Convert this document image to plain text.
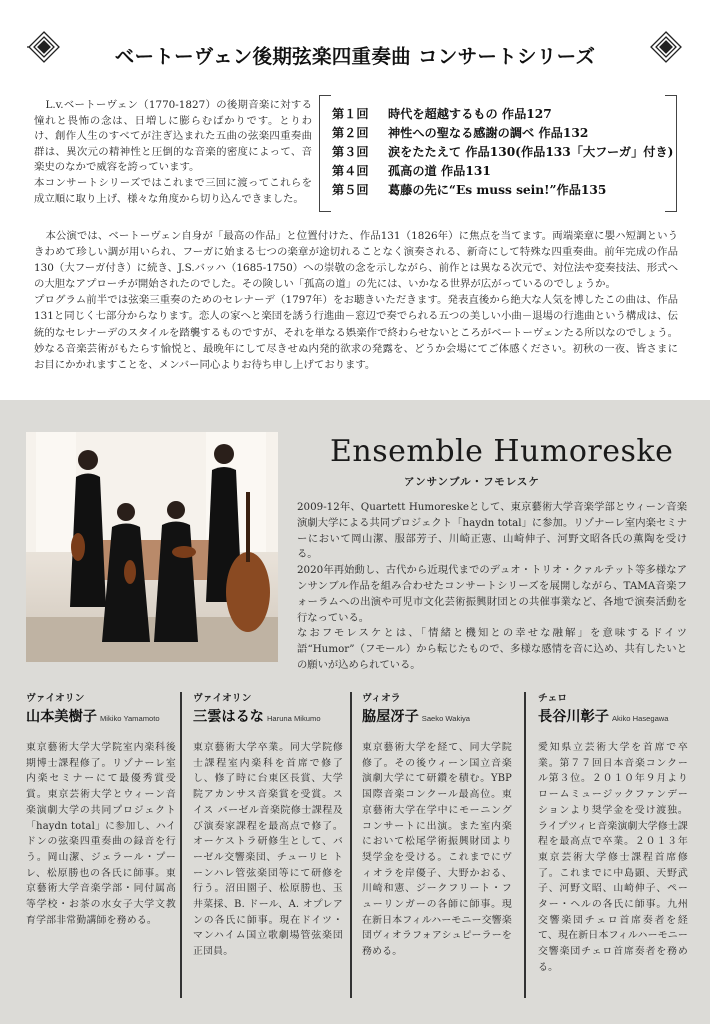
ベートーヴェン後期弦楽四重奏曲 コンサートシリーズ

L.v.ベートーヴェン（1770-1827）の後期音楽に対する憧れと畏怖の念は、日増しに膨らむばかりです。とりわけ、創作人生のすべてが注ぎ込まれた五曲の弦楽四重奏曲群は、異次元の精神性と圧倒的な音楽的密度によって、音楽史のなかで威容を誇っています。

本コンサートシリーズではこれまで三回に渡ってこれらを成立順に取り上げ、様々な角度から切り込んできました。

第１回 時代を超越するもの 作品127
第２回 神性への聖なる感謝の調べ 作品132
第３回 涙をたたえて 作品130(作品133「大フーガ」付き)
第４回 孤高の道 作品131
第５回 葛藤の先に“Es muss sein!”作品135

本公演では、ベートーヴェン自身が「最高の作品」と位置付けた、作品131（1826年）に焦点を当てます。両端楽章に嬰ハ短調というきわめて珍しい調が用いられ、フーガに始まる七つの楽章が途切れることなく演奏される、新奇にして特殊な四重奏曲。前年完成の作品130（大フーガ付き）に続き、J.S.バッハ（1685-1750）への崇敬の念を示しながら、前作とは異なる次元で、対位法や変奏技法、形式への大胆なアプローチが開始されたのでした。その険しい「孤高の道」の先には、いかなる世界が広がっているのでしょうか。

プログラム前半では弦楽三重奏のためのセレナーデ（1797年）をお聴きいただきます。発表直後から絶大な人気を博したこの曲は、作品131と同じく七部分からなります。恋人の家へと楽団を誘う行進曲－窓辺で奏でられる五つの美しい小曲－退場の行進曲という構成は、伝統的なセレナーデのスタイルを踏襲するものですが、それを単なる娯楽作で終わらせないところがベートーヴェンたる所以なのでしょう。妙なる音楽芸術がもたらす愉悦と、最晩年にして尽きせぬ内発的欲求の発露を、どうか会場にてご体感ください。初秋の一夜、皆さまにお目にかかれますことを、メンバー同心よりお待ち申し上げております。

Ensemble Humoreske
アンサンブル・フモレスケ

2009-12年、Quartett Humoreskeとして、東京藝術大学音楽学部とウィーン音楽演劇大学による共同プロジェクト「haydn total」に参加。リゾナーレ室内楽セミナーにおいて岡山潔、服部芳子、川崎正憲、山崎伸子、河野文昭各氏の薫陶を受ける。

2020年再始動し、古代から近現代までのデュオ・トリオ・クァルテット等多様なアンサンブル作品を組み合わせたコンサートシリーズを展開しながら、TAMA音楽フォーラムへの出演や可児市文化芸術振興財団との共催事業など、各地で演奏活動を行なっている。

なおフモレスケとは、「情緒と機知との幸せな融解」を意味するドイツ語“Humor”（フモール）から転じたもので、多様な感情を音に込め、共有したいとの願いが込められている。

ヴァイオリン
山本美樹子 Mikiko Yamamoto
東京藝術大学大学院室内楽科後期博士課程修了。リゾナーレ室内楽セミナーにて最優秀賞受賞。東京芸術大学とウィーン音楽演劇大学の共同プロジェクト「haydn total」に参加し、ハイドンの弦楽四重奏曲の録音を行う。岡山潔、ジェラール・プーレ、松原勝也の各氏に師事。東京藝術大学音楽学部・同付属高等学校・お茶の水女子大学文教育学部非常勤講師を務める。
ヴァイオリン
三雲はるな Haruna Mikumo
東京藝術大学卒業。同大学院修士課程室内楽科を首席で修了し、修了時に台東区長賞、大学院アカンサス音楽賞を受賞。スイス バーゼル音楽院修士課程及び演奏家課程を最高点で修了。オーケストラ研修生として、バーゼル交響楽団、チューリヒ トーンハレ管弦楽団等にて研修を行う。沼田園子、松原勝也、玉井菜採、B. ドール、A. オプレアンの各氏に師事。現在ドイツ・マンハイム国立歌劇場管弦楽団正団員。
ヴィオラ
脇屋冴子 Saeko Wakiya
東京藝術大学を経て、同大学院修了。その後ウィーン国立音楽演劇大学にて研鑽を積む。YBP国際音楽コンクール最高位。東京藝術大学在学中にモーニングコンサートに出演。また室内楽において松尾学術振興財団より奨学金を受ける。これまでにヴィオラを岸優子、大野かおる、川崎和憲、ジークフリート・フューリンガーの各師に師事。現在新日本フィルハーモニー交響楽団ヴィオラフォアシュピーラーを務める。
チェロ
長谷川彰子 Akiko Hasegawa
愛知県立芸術大学を首席で卒業。第７７回日本音楽コンクール第３位。２０１０年９月よりロームミュージックファンデーションより奨学金を受け渡独。ライプツィヒ音楽演劇大学修士課程を最高点で卒業。２０１３年東京芸術大学修士課程首席修了。これまでに中島顕、天野武子、河野文昭、山崎伸子、ペーター・ヘルの各氏に師事。九州交響楽団チェロ首席奏者を経て、現在新日本フィルハーモニー交響楽団チェロ首席奏者を務める。
